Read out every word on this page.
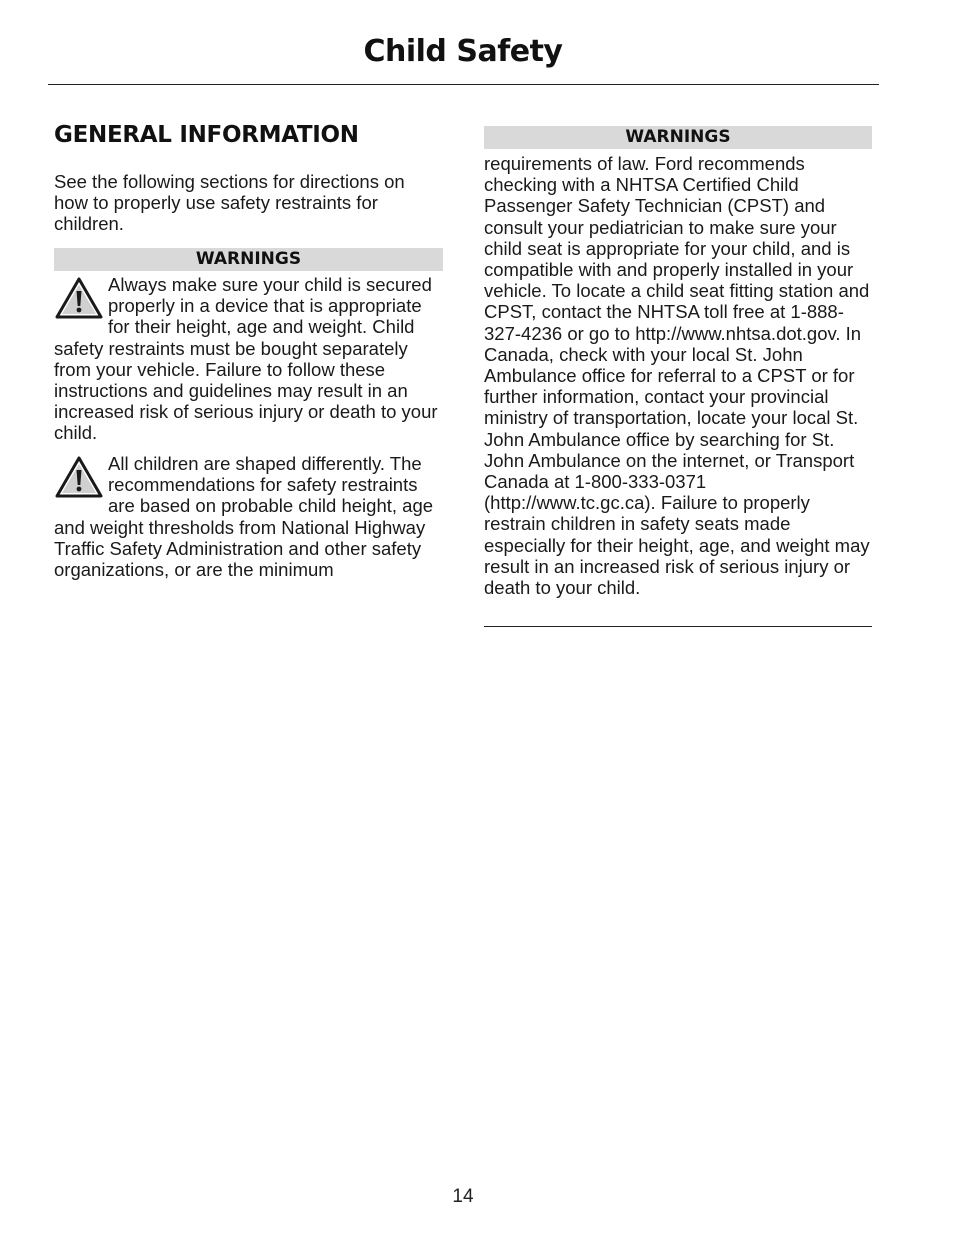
Child Safety
GENERAL INFORMATION

See the following sections for directions on how to properly use safety restraints for children.

WARNINGS

Always make sure your child is secured properly in a device that is appropriate for their height, age and weight. Child safety restraints must be bought separately from your vehicle. Failure to follow these instructions and guidelines may result in an increased risk of serious injury or death to your child.

All children are shaped differently. The recommendations for safety restraints are based on probable child height, age and weight thresholds from National Highway Traffic Safety Administration and other safety organizations, or are the minimum

WARNINGS

requirements of law. Ford recommends checking with a NHTSA Certified Child Passenger Safety Technician (CPST) and consult your pediatrician to make sure your child seat is appropriate for your child, and is compatible with and properly installed in your vehicle. To locate a child seat fitting station and CPST, contact the NHTSA toll free at 1-888-327-4236 or go to http://www.nhtsa.dot.gov. In Canada, check with your local St. John Ambulance office for referral to a CPST or for further information, contact your provincial ministry of transportation, locate your local St. John Ambulance office by searching for St. John Ambulance on the internet, or Transport Canada at 1-800-333-0371 (http://www.tc.gc.ca). Failure to properly restrain children in safety seats made especially for their height, age, and weight may result in an increased risk of serious injury or death to your child.

14
